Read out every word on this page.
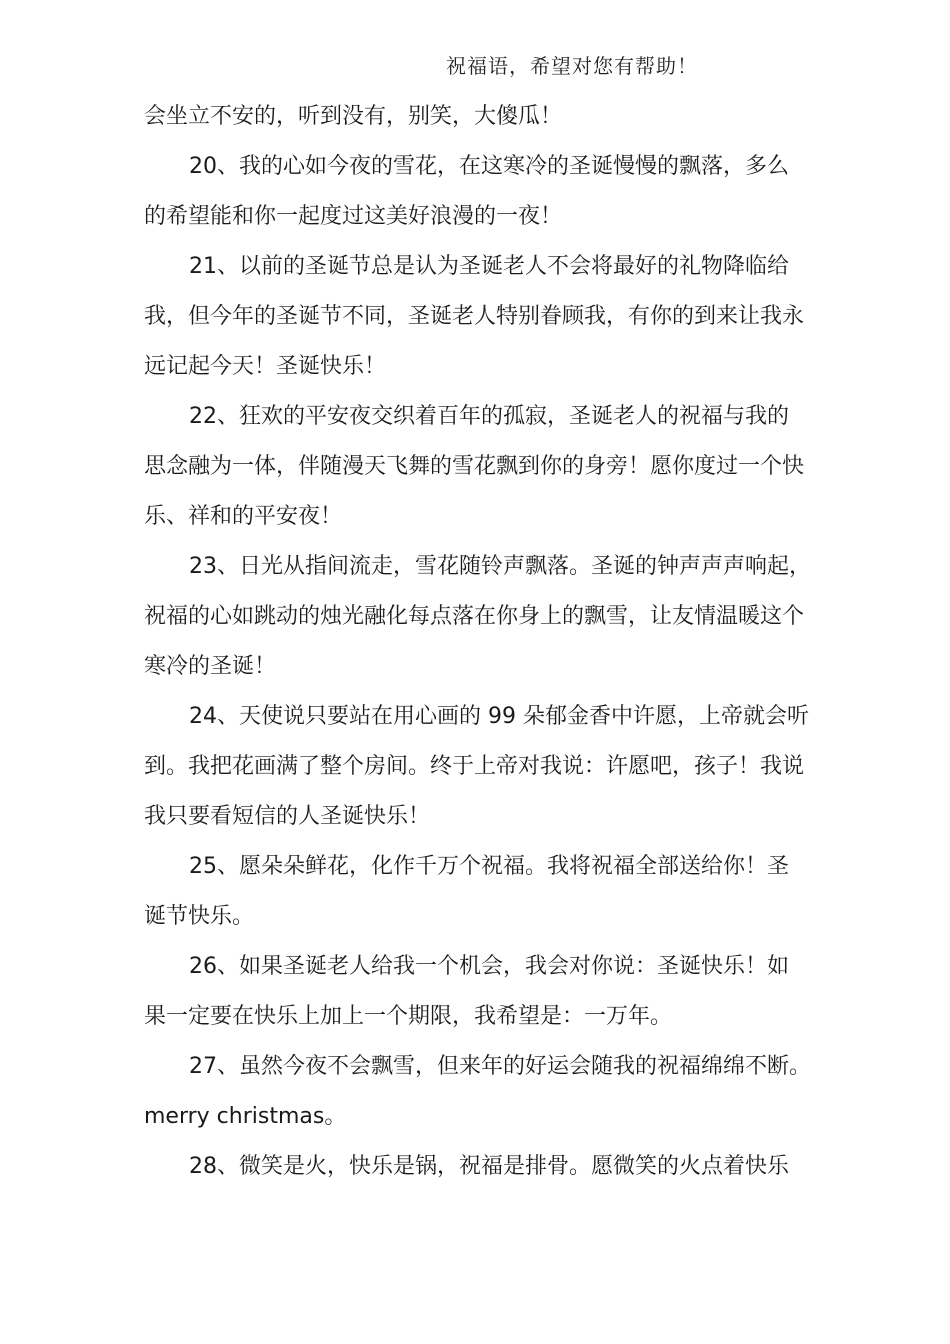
祝福语，希望对您有帮助！
会坐立不安的，听到没有，别笑，大傻瓜！
20、我的心如今夜的雪花，在这寒冷的圣诞慢慢的飘落，多么
的希望能和你一起度过这美好浪漫的一夜！
21、以前的圣诞节总是认为圣诞老人不会将最好的礼物降临给
我，但今年的圣诞节不同，圣诞老人特别眷顾我，有你的到来让我永
远记起今天！圣诞快乐！
22、狂欢的平安夜交织着百年的孤寂，圣诞老人的祝福与我的
思念融为一体，伴随漫天飞舞的雪花飘到你的身旁！愿你度过一个快
乐、祥和的平安夜！
23、日光从指间流走，雪花随铃声飘落。圣诞的钟声声声响起，
祝福的心如跳动的烛光融化每点落在你身上的飘雪，让友情温暖这个
寒冷的圣诞！
24、天使说只要站在用心画的 99 朵郁金香中许愿，上帝就会听
到。我把花画满了整个房间。终于上帝对我说：许愿吧，孩子！我说
我只要看短信的人圣诞快乐！
25、愿朵朵鲜花，化作千万个祝福。我将祝福全部送给你！圣
诞节快乐。
26、如果圣诞老人给我一个机会，我会对你说：圣诞快乐！如
果一定要在快乐上加上一个期限，我希望是：一万年。
27、虽然今夜不会飘雪，但来年的好运会随我的祝福绵绵不断。
merry christmas。
28、微笑是火，快乐是锅，祝福是排骨。愿微笑的火点着快乐
